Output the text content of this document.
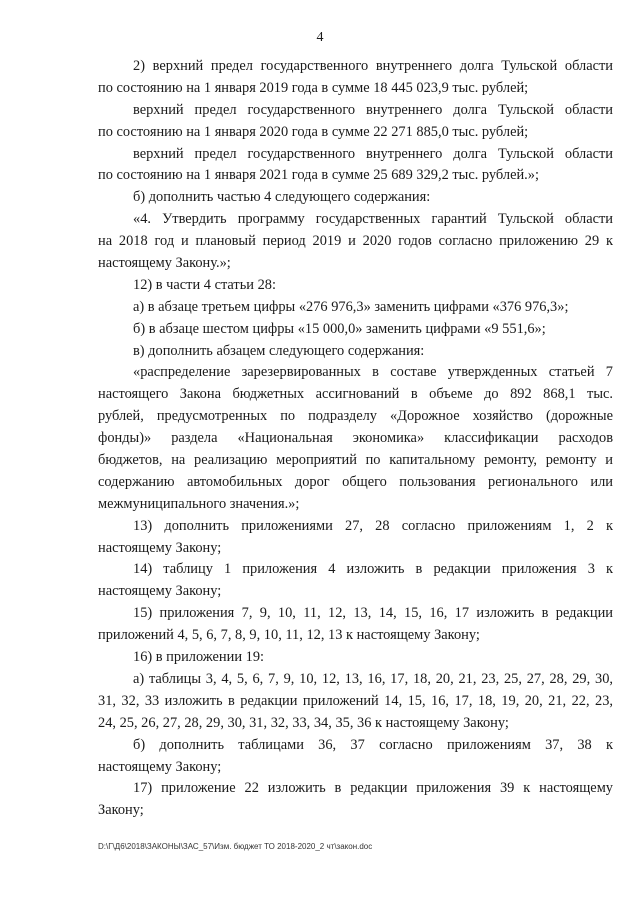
4
2) верхний предел государственного внутреннего долга Тульской области
по состоянию на 1 января 2019 года в сумме 18 445 023,9 тыс. рублей;
верхний предел государственного внутреннего долга Тульской области
по состоянию на 1 января 2020 года в сумме 22 271 885,0 тыс. рублей;
верхний предел государственного внутреннего долга Тульской области
по состоянию на 1 января 2021 года в сумме 25 689 329,2 тыс. рублей.»;
б) дополнить частью 4 следующего содержания:
«4. Утвердить программу государственных гарантий Тульской области
на 2018 год и плановый период 2019 и 2020 годов согласно приложению 29 к
настоящему Закону.»;
12) в части 4 статьи 28:
а) в абзаце третьем цифры «276 976,3» заменить цифрами «376 976,3»;
б) в абзаце шестом цифры «15 000,0» заменить цифрами «9 551,6»;
в) дополнить абзацем следующего содержания:
«распределение зарезервированных в составе утвержденных статьей 7
настоящего Закона бюджетных ассигнований в объеме до 892 868,1 тыс.
рублей, предусмотренных по подразделу «Дорожное хозяйство (дорожные
фонды)» раздела «Национальная экономика» классификации расходов
бюджетов, на реализацию мероприятий по капитальному ремонту, ремонту и
содержанию автомобильных дорог общего пользования регионального или
межмуниципального значения.»;
13) дополнить приложениями 27, 28 согласно приложениям 1, 2 к
настоящему Закону;
14) таблицу 1 приложения 4 изложить в редакции приложения 3 к
настоящему Закону;
15) приложения 7, 9, 10, 11, 12, 13, 14, 15, 16, 17 изложить в редакции
приложений 4, 5, 6, 7, 8, 9, 10, 11, 12, 13 к настоящему Закону;
16) в приложении 19:
а) таблицы 3, 4, 5, 6, 7, 9, 10, 12, 13, 16, 17, 18, 20, 21, 23, 25, 27, 28, 29, 30,
31, 32, 33 изложить в редакции приложений 14, 15, 16, 17, 18, 19, 20, 21, 22, 23,
24, 25, 26, 27, 28, 29, 30, 31, 32, 33, 34, 35, 36 к настоящему Закону;
б) дополнить таблицами 36, 37 согласно приложениям 37, 38 к
настоящему Закону;
17) приложение 22 изложить в редакции приложения 39 к настоящему
Закону;
D:\Г\Д6\2018\ЗАКОНЫ\ЗАС_57\Изм. бюджет ТО 2018-2020_2 чт\закон.doc
